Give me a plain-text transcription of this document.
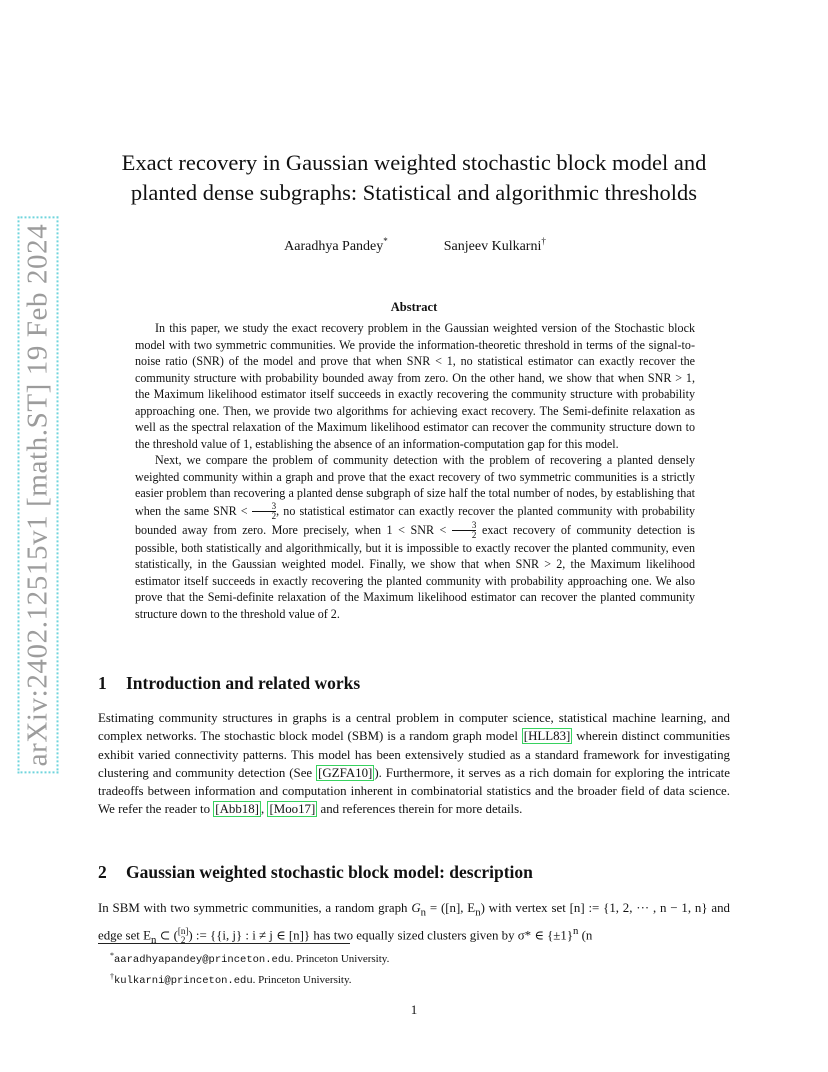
arXiv:2402.12515v1 [math.ST] 19 Feb 2024
Exact recovery in Gaussian weighted stochastic block model and
planted dense subgraphs: Statistical and algorithmic thresholds
Aaradhya Pandey*	Sanjeev Kulkarni†
Abstract

In this paper, we study the exact recovery problem in the Gaussian weighted version of the Stochastic block model with two symmetric communities. We provide the information-theoretic threshold in terms of the signal-to-noise ratio (SNR) of the model and prove that when SNR < 1, no statistical estimator can exactly recover the community structure with probability bounded away from zero. On the other hand, we show that when SNR > 1, the Maximum likelihood estimator itself succeeds in exactly recovering the community structure with probability approaching one. Then, we provide two algorithms for achieving exact recovery. The Semi-definite relaxation as well as the spectral relaxation of the Maximum likelihood estimator can recover the community structure down to the threshold value of 1, establishing the absence of an information-computation gap for this model.

Next, we compare the problem of community detection with the problem of recovering a planted densely weighted community within a graph and prove that the exact recovery of two symmetric communities is a strictly easier problem than recovering a planted dense subgraph of size half the total number of nodes, by establishing that when the same SNR < $\frac{3}{2}$, no statistical estimator can exactly recover the planted community with probability bounded away from zero. More precisely, when 1 < SNR < $\frac{3}{2}$ exact recovery of community detection is possible, both statistically and algorithmically, but it is impossible to exactly recover the planted community, even statistically, in the Gaussian weighted model. Finally, we show that when SNR > 2, the Maximum likelihood estimator itself succeeds in exactly recovering the planted community with probability approaching one. We also prove that the Semi-definite relaxation of the Maximum likelihood estimator can recover the planted community structure down to the threshold value of 2.

1 Introduction and related works

Estimating community structures in graphs is a central problem in computer science, statistical machine learning, and complex networks. The stochastic block model (SBM) is a random graph model [HLL83] wherein distinct communities exhibit varied connectivity patterns. This model has been extensively studied as a standard framework for investigating clustering and community detection (See [GZFA10] ). Furthermore, it serves as a rich domain for exploring the intricate tradeoffs between information and computation inherent in combinatorial statistics and the broader field of data science. We refer the reader to [Abb18] , [Moo17] and references therein for more details.

2 Gaussian weighted stochastic block model: description

In SBM with two symmetric communities, a random graph $G_n = ([n]$, $E_n$) with vertex set [n] := {1, 2, ··· , n − 1, n} and edge set $E_n$ ⊂ ([n]
2 ) := {{i, j} : i ≠ j ∈ [n]} has two equally sized clusters given by σ* ∈ $\{\pm 1\}^n$ (n

*aaradhyapandey@princeton.edu. Princeton University.
†kulkarni@princeton.edu. Princeton University.
1
